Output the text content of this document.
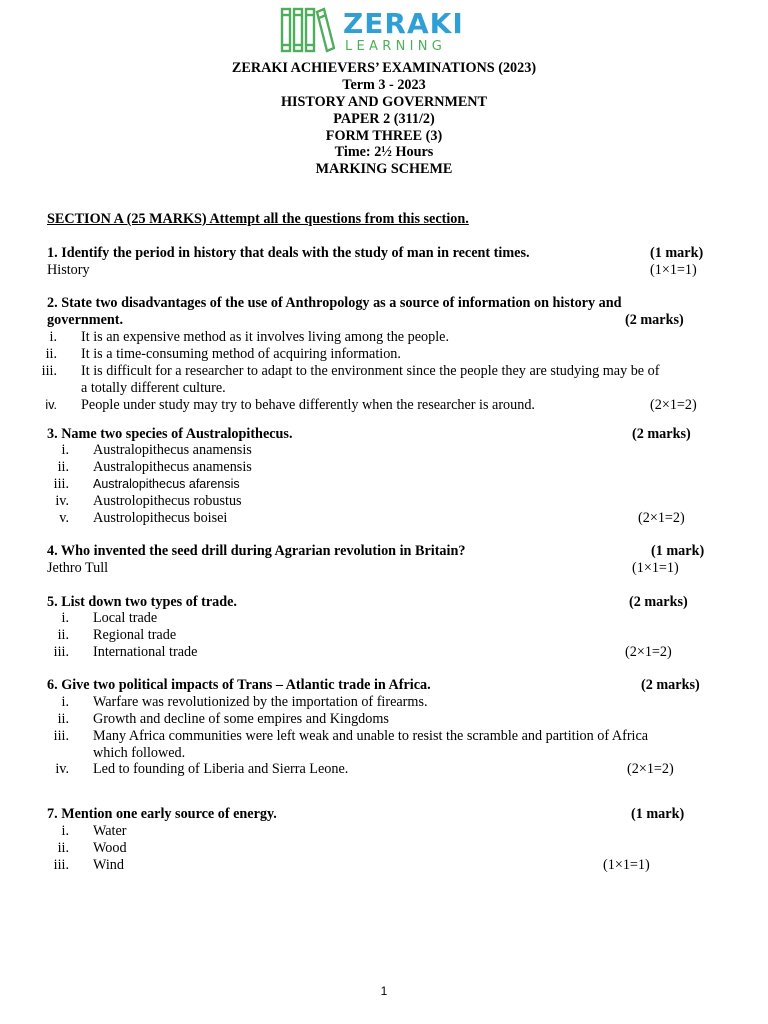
ZERAKI
LEARNING
ZERAKI ACHIEVERS’ EXAMINATIONS (2023)
Term 3 - 2023
HISTORY AND GOVERNMENT
PAPER 2 (311/2)
FORM THREE (3)
Time: 2½ Hours
MARKING SCHEME
SECTION A (25 MARKS) Attempt all the questions from this section.
1. Identify the period in history that deals with the study of man in recent times.	(1 mark)
History	(1×1=1)
2. State two disadvantages of the use of Anthropology as a source of information on history and
government.	(2 marks)
i. It is an expensive method as it involves living among the people.
ii. It is a time-consuming method of acquiring information.
iii. It is difficult for a researcher to adapt to the environment since the people they are studying may be of
a totally different culture.
iv. People under study may try to behave differently when the researcher is around.	(2×1=2)
3. Name two species of Australopithecus.	(2 marks)
i. Australopithecus anamensis
ii. Australopithecus anamensis
iii. Australopithecus afarensis
iv. Austrolopithecus robustus
v. Austrolopithecus boisei	(2×1=2)
4. Who invented the seed drill during Agrarian revolution in Britain?	(1 mark)
Jethro Tull	(1×1=1)
5. List down two types of trade.	(2 marks)
i. Local trade
ii. Regional trade
iii. International trade	(2×1=2)
6. Give two political impacts of Trans – Atlantic trade in Africa.	(2 marks)
i. Warfare was revolutionized by the importation of firearms.
ii. Growth and decline of some empires and Kingdoms
iii. Many Africa communities were left weak and unable to resist the scramble and partition of Africa
which followed.
iv. Led to founding of Liberia and Sierra Leone.	(2×1=2)
7. Mention one early source of energy.	(1 mark)
i. Water
ii. Wood
iii. Wind	(1×1=1)
1
